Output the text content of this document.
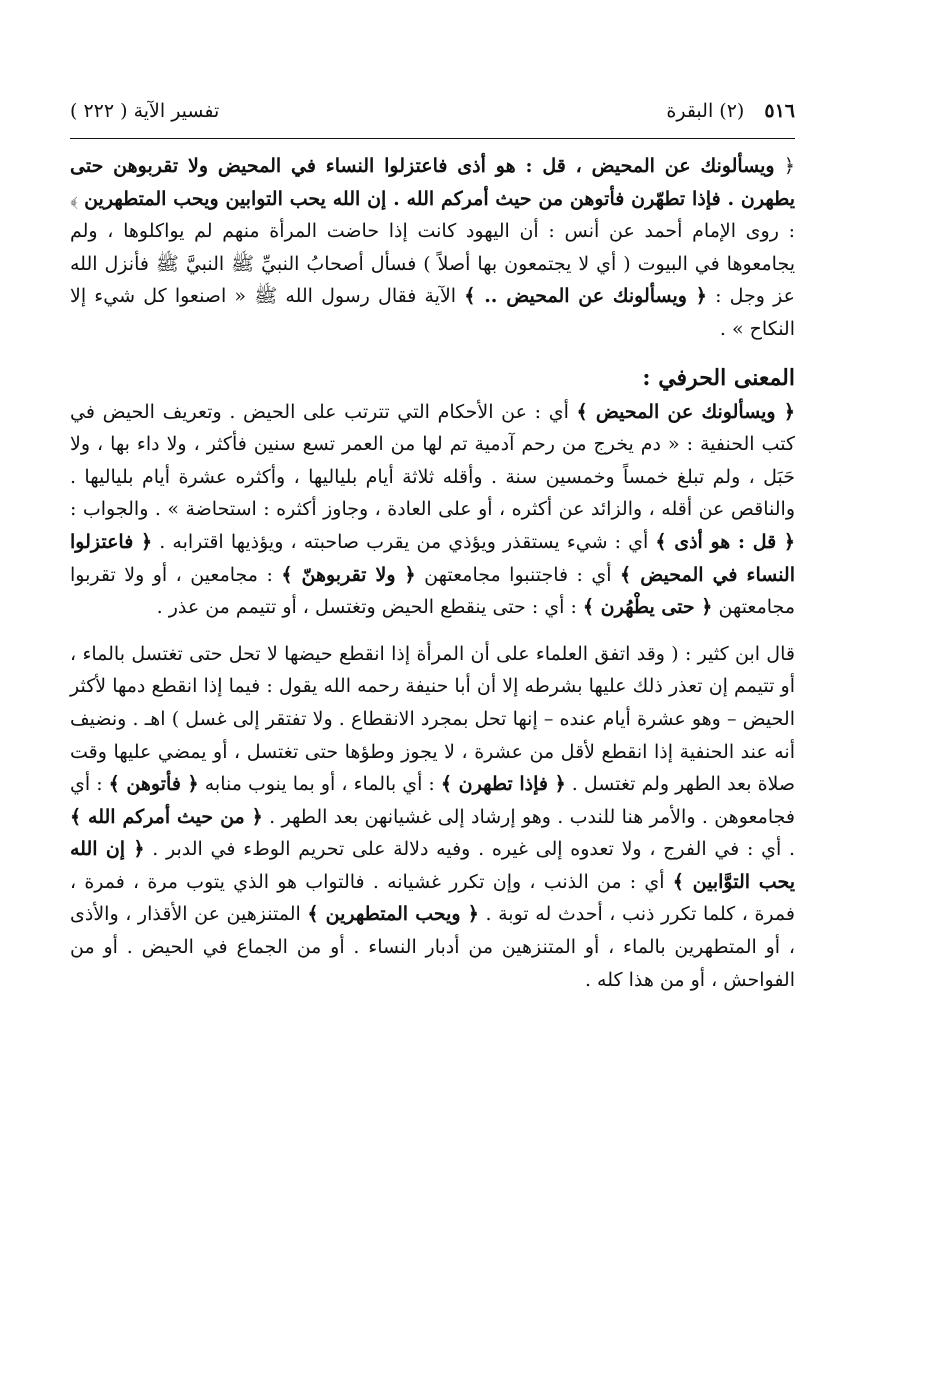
٥١٦ (٢) البقرة
تفسير الآية ( ٢٢٢ )

﴿ ويسألونك عن المحيض ، قل : هو أذى فاعتزلوا النساء في المحيض ولا تقربوهن حتى يطهرن . فإذا تطهّرن فأتوهن من حيث أمركم الله . إن الله يحب التوابين ويحب المتطهرين ﴾ : روى الإمام أحمد عن أنس : أن اليهود كانت إذا حاضت المرأة منهم لم يواكلوها ، ولم يجامعوها في البيوت ( أي لا يجتمعون بها أصلاً ) فسأل أصحابُ النبيِّ ﷺ النبيَّ ﷺ فأنزل الله عز وجل : ﴿ ويسألونك عن المحيض .. ﴾ الآية فقال رسول الله ﷺ « اصنعوا كل شيء إلا النكاح » .

المعنى الحرفي :

﴿ ويسألونك عن المحيض ﴾ أي : عن الأحكام التي تترتب على الحيض . وتعريف الحيض في كتب الحنفية : « دم يخرج من رحم آدمية تم لها من العمر تسع سنين فأكثر ، ولا داء بها ، ولا حَبَل ، ولم تبلغ خمساً وخمسين سنة . وأقله ثلاثة أيام بلياليها ، وأكثره عشرة أيام بلياليها . والناقص عن أقله ، والزائد عن أكثره ، أو على العادة ، وجاوز أكثره : استحاضة » . والجواب : ﴿ قل : هو أذى ﴾ أي : شيء يستقذر ويؤذي من يقرب صاحبته ، ويؤذيها اقترابه . ﴿ فاعتزلوا النساء في المحيض ﴾ أي : فاجتنبوا مجامعتهن ﴿ ولا تقربوهنّ ﴾ : مجامعين ، أو ولا تقربوا مجامعتهن ﴿ حتى يطْهُرن ﴾ : أي : حتى ينقطع الحيض وتغتسل ، أو تتيمم من عذر .

قال ابن كثير : ( وقد اتفق العلماء على أن المرأة إذا انقطع حيضها لا تحل حتى تغتسل بالماء ، أو تتيمم إن تعذر ذلك عليها بشرطه إلا أن أبا حنيفة رحمه الله يقول : فيما إذا انقطع دمها لأكثر الحيض – وهو عشرة أيام عنده – إنها تحل بمجرد الانقطاع . ولا تفتقر إلى غسل ) اهـ . ونضيف أنه عند الحنفية إذا انقطع لأقل من عشرة ، لا يجوز وطؤها حتى تغتسل ، أو يمضي عليها وقت صلاة بعد الطهر ولم تغتسل . ﴿ فإذا تطهرن ﴾ : أي بالماء ، أو بما ينوب منابه ﴿ فأتوهن ﴾ : أي فجامعوهن . والأمر هنا للندب . وهو إرشاد إلى غشيانهن بعد الطهر . ﴿ من حيث أمركم الله ﴾ . أي : في الفرج ، ولا تعدوه إلى غيره . وفيه دلالة على تحريم الوطء في الدبر . ﴿ إن الله يحب التوَّابين ﴾ أي : من الذنب ، وإن تكرر غشيانه . فالتواب هو الذي يتوب مرة ، فمرة ، فمرة ، كلما تكرر ذنب ، أحدث له توبة . ﴿ ويحب المتطهرين ﴾ المتنزهين عن الأقذار ، والأذى ، أو المتطهرين بالماء ، أو المتنزهين من أدبار النساء . أو من الجماع في الحيض . أو من الفواحش ، أو من هذا كله .
